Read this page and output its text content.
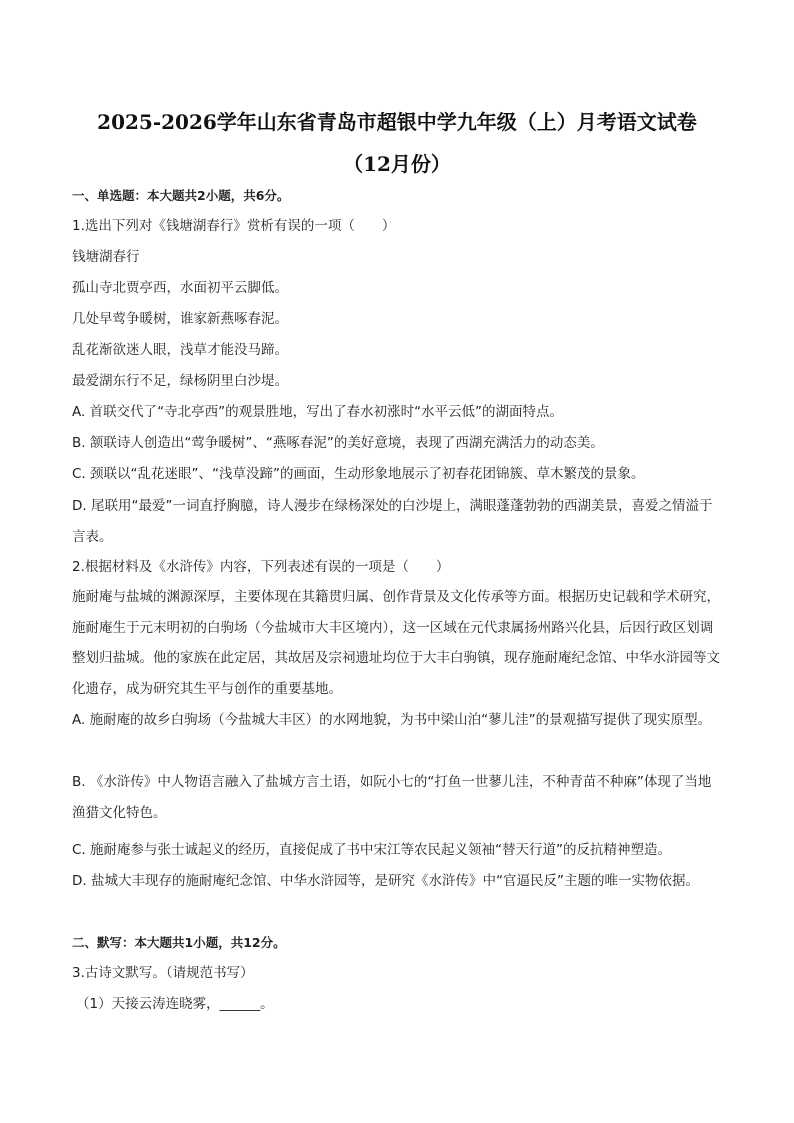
2025-2026学年山东省青岛市超银中学九年级（上）月考语文试卷
（12月份）
一、单选题：本大题共2小题，共6分。
1.选出下列对《钱塘湖春行》赏析有误的一项（　　）
钱塘湖春行
孤山寺北贾亭西，水面初平云脚低。
几处早莺争暖树，谁家新燕啄春泥。
乱花渐欲迷人眼，浅草才能没马蹄。
最爱湖东行不足，绿杨阴里白沙堤。
A. 首联交代了“寺北亭西”的观景胜地，写出了春水初涨时“水平云低”的湖面特点。
B. 颔联诗人创造出“莺争暖树”、“燕啄春泥”的美好意境，表现了西湖充满活力的动态美。
C. 颈联以“乱花迷眼”、“浅草没蹄”的画面，生动形象地展示了初春花团锦簇、草木繁茂的景象。
D. 尾联用“最爱”一词直抒胸臆，诗人漫步在绿杨深处的白沙堤上，满眼蓬蓬勃勃的西湖美景，喜爱之情溢于言表。
2.根据材料及《水浒传》内容，下列表述有误的一项是（　　）
施耐庵与盐城的渊源深厚，主要体现在其籍贯归属、创作背景及文化传承等方面。根据历史记载和学术研究，施耐庵生于元末明初的白驹场（今盐城市大丰区境内），这一区域在元代隶属扬州路兴化县，后因行政区划调整划归盐城。他的家族在此定居，其故居及宗祠遗址均位于大丰白驹镇，现存施耐庵纪念馆、中华水浒园等文化遗存，成为研究其生平与创作的重要基地。
A. 施耐庵的故乡白驹场（今盐城大丰区）的水网地貌，为书中梁山泊“蓼儿洼”的景观描写提供了现实原型。
B. 《水浒传》中人物语言融入了盐城方言土语，如阮小七的“打鱼一世蓼儿洼，不种青苗不种麻”体现了当地渔猎文化特色。
C. 施耐庵参与张士诚起义的经历，直接促成了书中宋江等农民起义领袖“替天行道”的反抗精神塑造。
D. 盐城大丰现存的施耐庵纪念馆、中华水浒园等，是研究《水浒传》中“官逼民反”主题的唯一实物依据。
二、默写：本大题共1小题，共12分。
3.古诗文默写。（请规范书写）
（1）天接云涛连晓雾，______。
